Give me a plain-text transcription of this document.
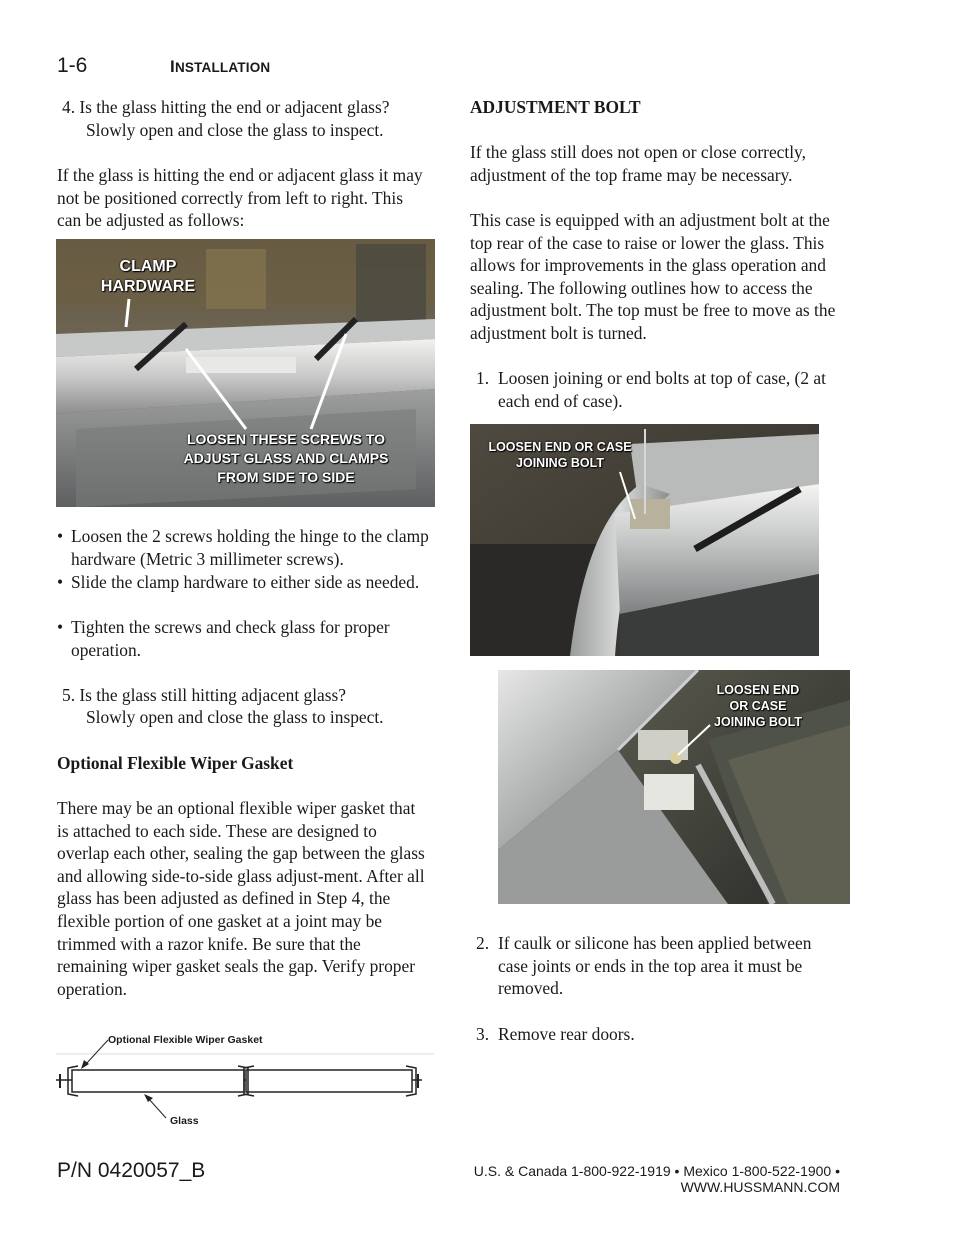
1-6	INSTALLATION
4. Is the glass hitting the end or adjacent glass?
Slowly open and close the glass to inspect.
If the glass is hitting the end or adjacent glass it may not be positioned correctly from left to right. This can be adjusted as follows:
CLAMP
HARDWARE
LOOSEN THESE SCREWS TO
ADJUST GLASS AND CLAMPS
FROM SIDE TO SIDE
• Loosen the 2 screws holding the hinge to the clamp hardware (Metric 3 millimeter screws).
• Slide the clamp hardware to either side as needed.
• Tighten the screws and check glass for proper operation.
5. Is the glass still hitting adjacent glass?
Slowly open and close the glass to inspect.
Optional Flexible Wiper Gasket
There may be an optional flexible wiper gasket that is attached to each side. These are designed to overlap each other, sealing the gap between the glass and allowing side-to-side glass adjust-ment. After all glass has been adjusted as defined in Step 4, the flexible portion of one gasket at a joint may be trimmed with a razor knife. Be sure that the remaining wiper gasket seals the gap. Verify proper operation.
Optional Flexible Wiper Gasket
Glass
ADJUSTMENT BOLT
If the glass still does not open or close correctly, adjustment of the top frame may be necessary.
This case is equipped with an adjustment bolt at the top rear of the case to raise or lower the glass. This allows for improvements in the glass operation and sealing. The following outlines how to access the adjustment bolt. The top must be free to move as the adjustment bolt is turned.
1. Loosen joining or end bolts at top of case, (2 at each end of case).
LOOSEN END OR CASE
JOINING BOLT
LOOSEN END
OR CASE
JOINING BOLT
2. If caulk or silicone has been applied between case joints or ends in the top area it must be removed.
3. Remove rear doors.
P/N 0420057_B	U.S. & Canada 1-800-922-1919 • Mexico 1-800-522-1900 • WWW.HUSSMANN.COM
